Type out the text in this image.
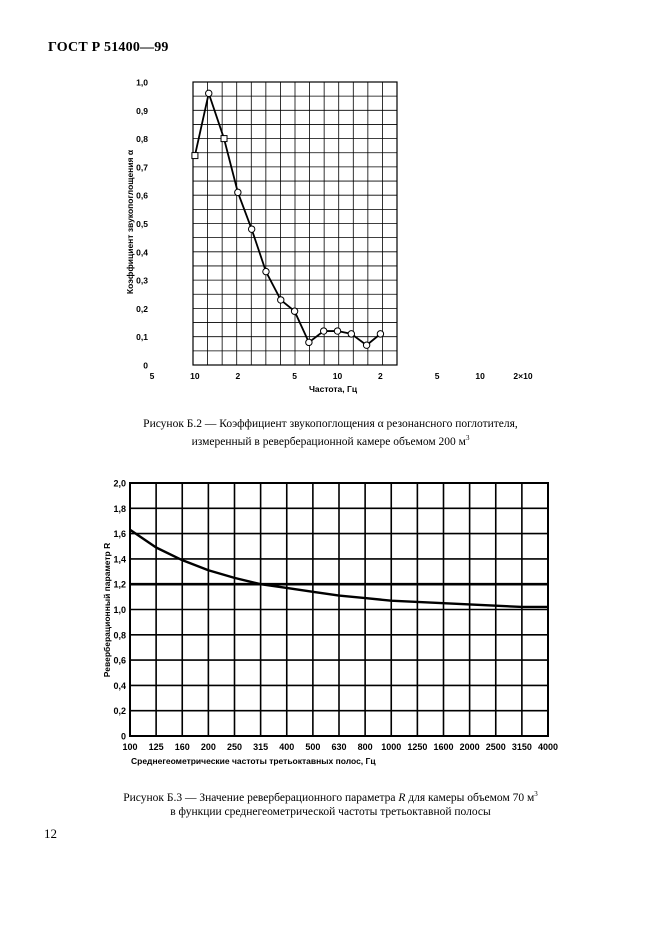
ГОСТ Р 51400—99
0
0,1
0,2
0,3
0,4
0,5
0,6
0,7
0,8
0,9
1,0
5	10	2	5	10	2	5	10	2×10
Частота, Гц
Коэффициент звукопоглощения α
0
0,2
0,4
0,6
0,8
1,0
1,2
1,4
1,6
1,8
2,0
100 125 160 200 250 315 400 500 630 800 1000 1250 1600 2000 2500 3150 4000
Среднегеометрические частоты третьоктавных полос, Гц
Реверберационный параметр R
Рисунок Б.2 — Коэффициент звукопоглощения α резонансного поглотителя,
измеренный в реверберационной камере объемом 200 $м^3$
Рисунок Б.3 — Значение реверберационного параметра R для камеры объемом 70 $м^3$
в функции среднегеометрической частоты третьоктавной полосы
12
